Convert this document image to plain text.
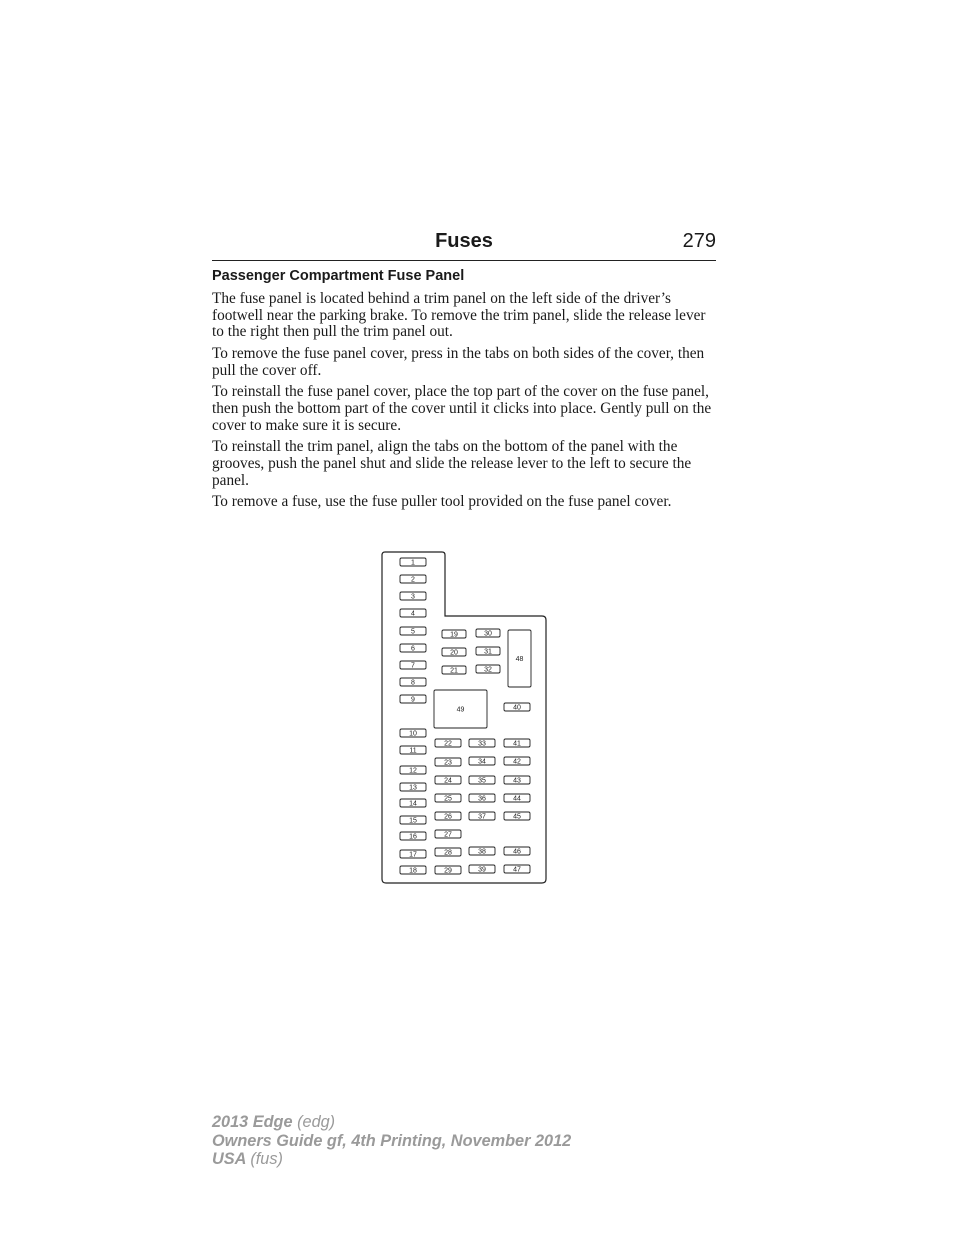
Fuses	279
Passenger Compartment Fuse Panel

The fuse panel is located behind a trim panel on the left side of the driver’s footwell near the parking brake. To remove the trim panel, slide the release lever to the right then pull the trim panel out.

To remove the fuse panel cover, press in the tabs on both sides of the cover, then pull the cover off.

To reinstall the fuse panel cover, place the top part of the cover on the fuse panel, then push the bottom part of the cover until it clicks into place. Gently pull on the cover to make sure it is secure.

To reinstall the trim panel, align the tabs on the bottom of the panel with the grooves, push the panel shut and slide the release lever to the left to secure the panel.

To remove a fuse, use the fuse puller tool provided on the fuse panel cover.

1
2
3
4
5
6
7
8
9
10
11
12
13
14
15
16
17
18
19	30
20	31
21	32
48
49	40
22
23
24
25
26
27
28
29
33
34
35
36
37
38
39
41
42
43
44
45
46
47
2013 Edge (edg)
Owners Guide gf, 4th Printing, November 2012
USA (fus)
